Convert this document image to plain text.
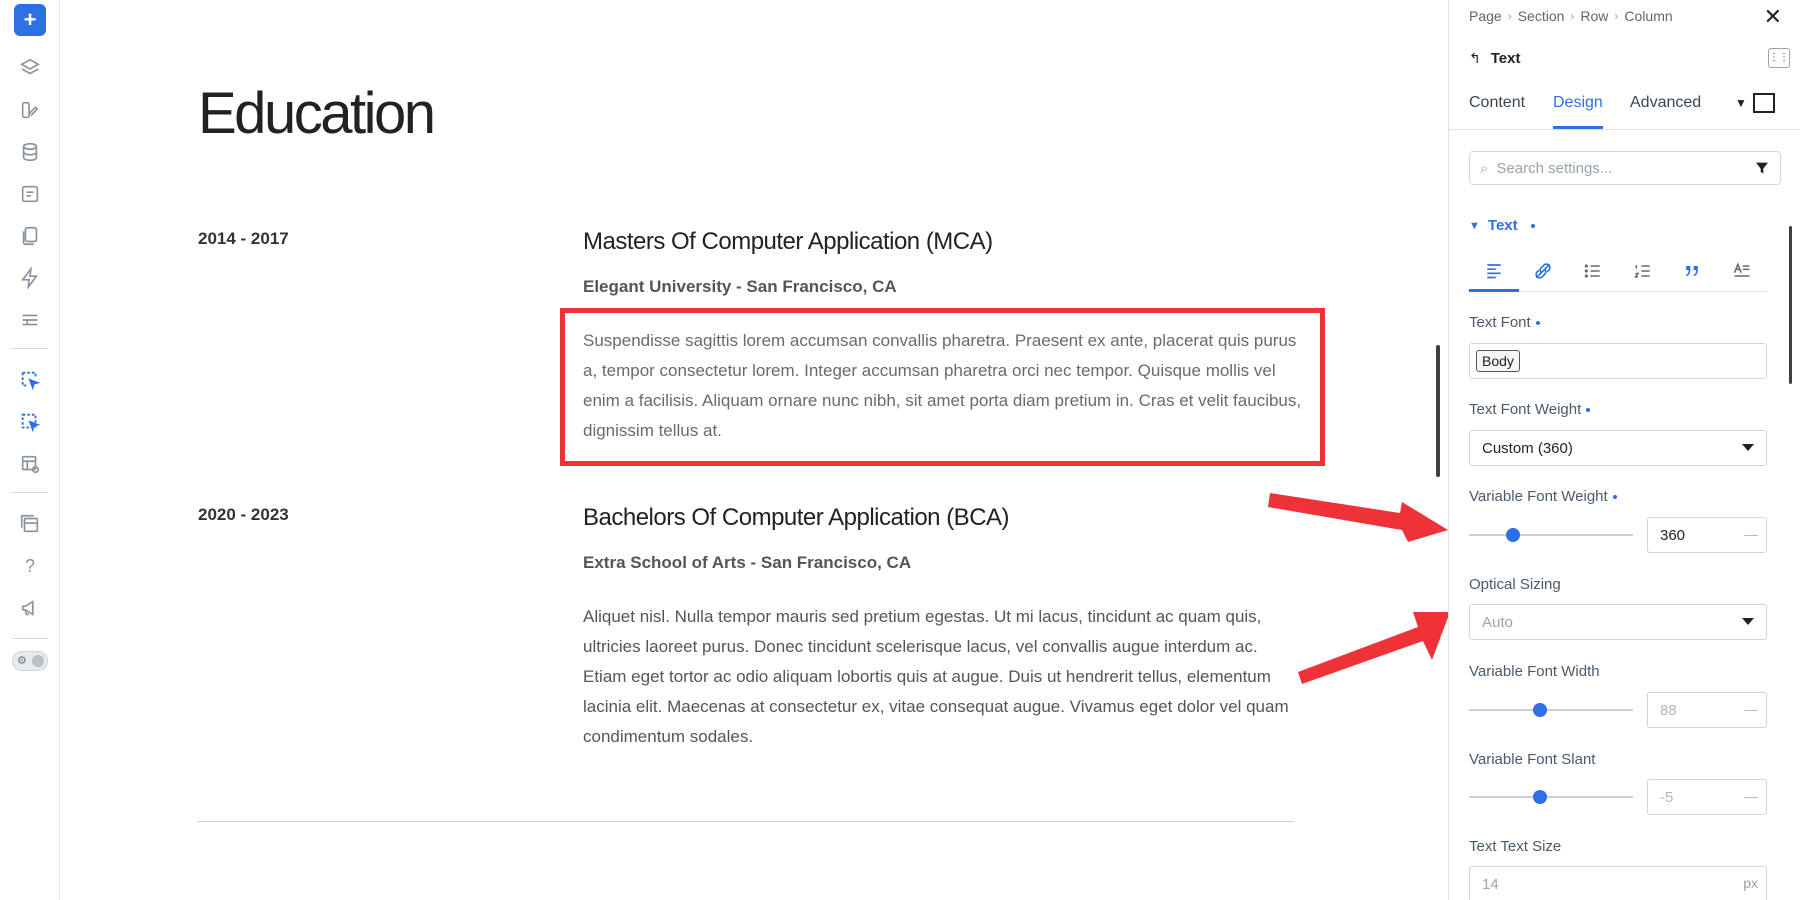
+
?
⚙
Education
2014 - 2017	Masters Of Computer Application (MCA)
Elegant University - San Francisco, CA
Suspendisse sagittis lorem accumsan convallis pharetra. Praesent ex ante, placerat quis purus a, tempor consectetur lorem. Integer accumsan pharetra orci nec tempor. Quisque mollis vel enim a facilisis. Aliquam ornare nunc nibh, sit amet porta diam pretium in. Cras et velit faucibus, dignissim tellus at.
2020 - 2023	Bachelors Of Computer Application (BCA)
Extra School of Arts - San Francisco, CA
Aliquet nisl. Nulla tempor mauris sed pretium egestas. Ut mi lacus, tincidunt ac quam quis, ultricies laoreet purus. Donec tincidunt scelerisque lacus, vel convallis augue interdum ac. Etiam eget tortor ac odio aliquam lobortis quis at augue. Duis ut hendrerit tellus, elementum lacinia elit. Maecenas at consectetur ex, vitae consequat augue. Vivamus eget dolor vel quam condimentum sodales.
Page › Section › Row › Column	✕
↰ Text	⋮⋮
Content Design Advanced	▼
⌕ Search settings...
▼ Text
Text Font
Body
Text Font Weight
Custom (360)
Variable Font Weight
360	—
Optical Sizing
Auto
Variable Font Width
88	—
Variable Font Slant
-5	—
Text Text Size
14	px
